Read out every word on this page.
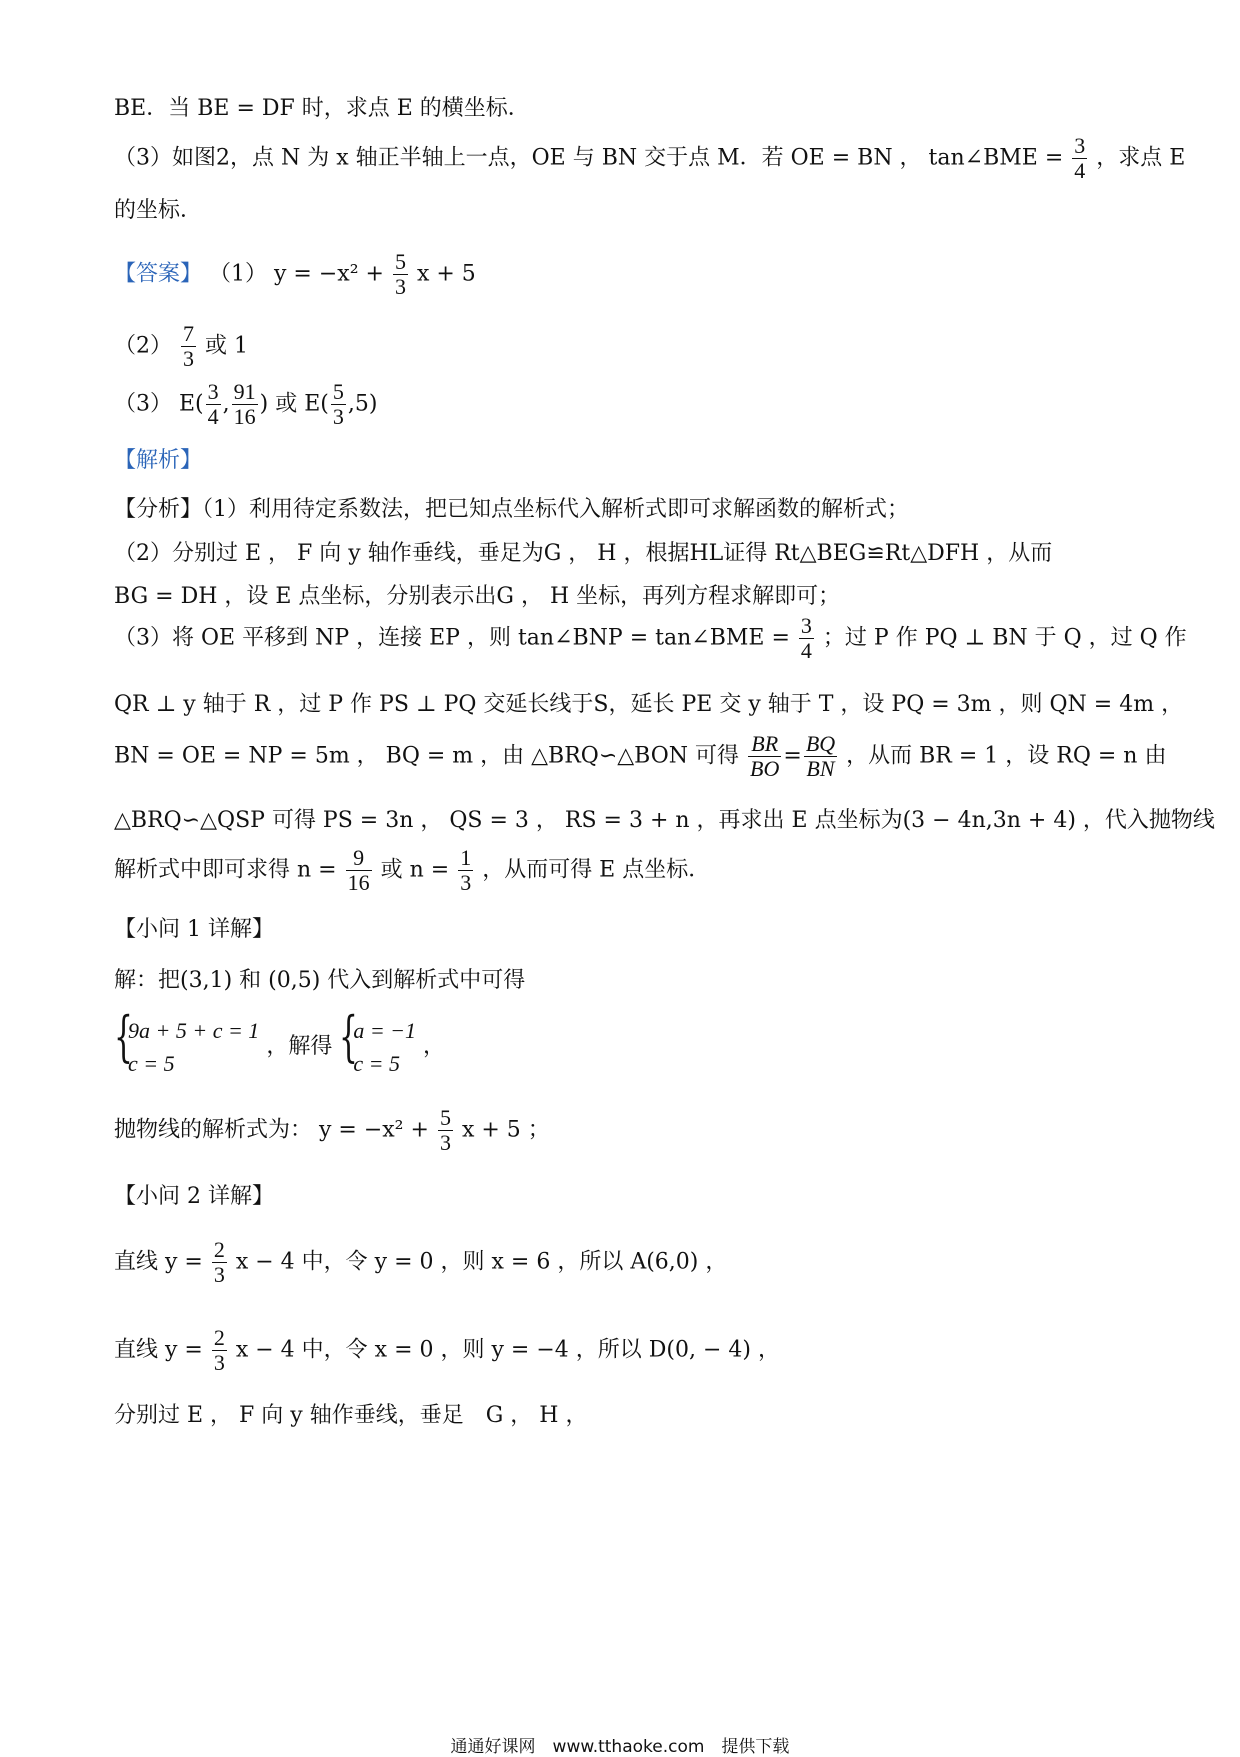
BE．当 BE = DF 时，求点 E 的横坐标．
（3）如图2，点 N 为 x 轴正半轴上一点，OE 与 BN 交于点 M．若 OE = BN ， tan∠BME = $\frac{3}{4}$ ，求点 E
的坐标．
【答案】 （1） $y = -x^2 + \frac{5}{3}$ x + 5
$(2) \frac{7}{3}$ 或 1
（3） $E( \frac{3}{4}$ , $\frac{91}{16}$ ) 或 $E( \frac{5}{3} ,5)$
【解析】
【分析】（1）利用待定系数法，把已知点坐标代入解析式即可求解函数的解析式；
（2）分别过 E ， F 向 y 轴作垂线，垂足为G ， H ，根据HL证得 Rt△BEG≌Rt△DFH ，从而
BG = DH ，设 E 点坐标，分别表示出G ， H 坐标，再列方程求解即可；
（3）将 OE 平移到 NP ，连接 EP ，则 tan∠BNP = tan∠BME = $\frac{3}{4}$ ；过 P 作 PQ ⊥ BN 于 Q ，过 Q 作
QR ⊥ y 轴于 R ，过 P 作 PS ⊥ PQ 交延长线于S，延长 PE 交 y 轴于 T ，设 PQ = 3m ，则 QN = 4m ，
BN = OE = NP = 5m ， BQ = m ，由 △BRQ∽△BON 可得 $\frac{BR}{BO} = \frac{BQ}{BN}$ ，从而 BR = 1 ，设 RQ = n 由
△BRQ∽△QSP 可得 PS = 3n ， QS = 3 ， RS = 3 + n ，再求出 E 点坐标为(3 − 4n,3n + 4) ，代入抛物线
解析式中即可求得 $n = \frac{9}{16}$ 或 $n = \frac{1}{3}$ ，从而可得 E 点坐标．
【小问 1 详解】
解：把(3,1) 和 (0,5) 代入到解析式中可得
{
9a + 5 + c = 1
c = 5
，解得 {
a = −1
c = 5
，
抛物线的解析式为： $y = -x^2 + \frac{5}{3}$ x + 5 ；
【小问 2 详解】
直线 $y = \frac{2}{3}$ x − 4 中，令 y = 0 ，则 x = 6 ，所以 A(6,0) ，
直线 $y = \frac{2}{3}$ x − 4 中，令 x = 0 ，则 y = −4 ，所以 D(0, − 4) ，
分别过 E ， F 向 y 轴作垂线，垂足　G ， H ，
通通好课网　www.tthaoke.com　提供下载
